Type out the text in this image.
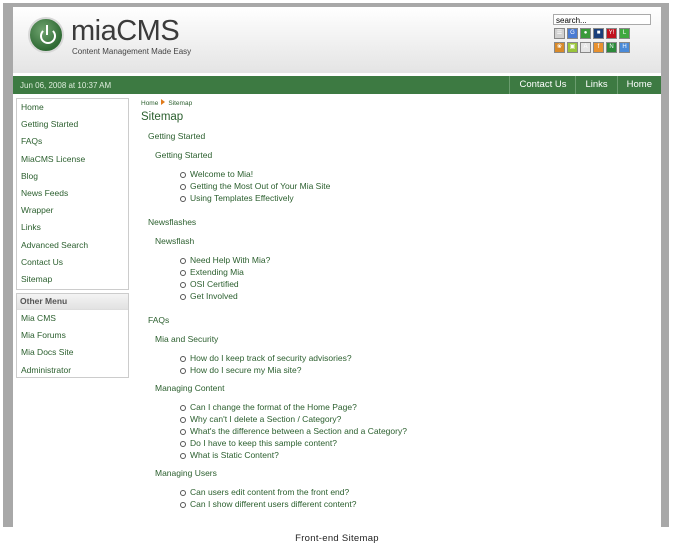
miaCMS
Content Management Made Easy
search...
☰	G	●	■	Y!	L
❀	▣	A	f	N	H
Jun 06, 2008 at 10:37 AM	Contact Us	Links	Home
Home
Getting Started
FAQs
MiaCMS License
Blog
News Feeds
Wrapper
Links
Advanced Search
Contact Us
Sitemap
Other Menu
Mia CMS
Mia Forums
Mia Docs Site
Administrator
Home Sitemap
Sitemap
Getting Started
Getting Started
Welcome to Mia!
Getting the Most Out of Your Mia Site
Using Templates Effectively
Newsflashes
Newsflash
Need Help With Mia?
Extending Mia
OSI Certified
Get Involved
FAQs
Mia and Security
How do I keep track of security advisories?
How do I secure my Mia site?
Managing Content
Can I change the format of the Home Page?
Why can't I delete a Section / Category?
What's the difference between a Section and a Category?
Do I have to keep this sample content?
What is Static Content?
Managing Users
Can users edit content from the front end?
Can I show different users different content?
Front-end Sitemap
